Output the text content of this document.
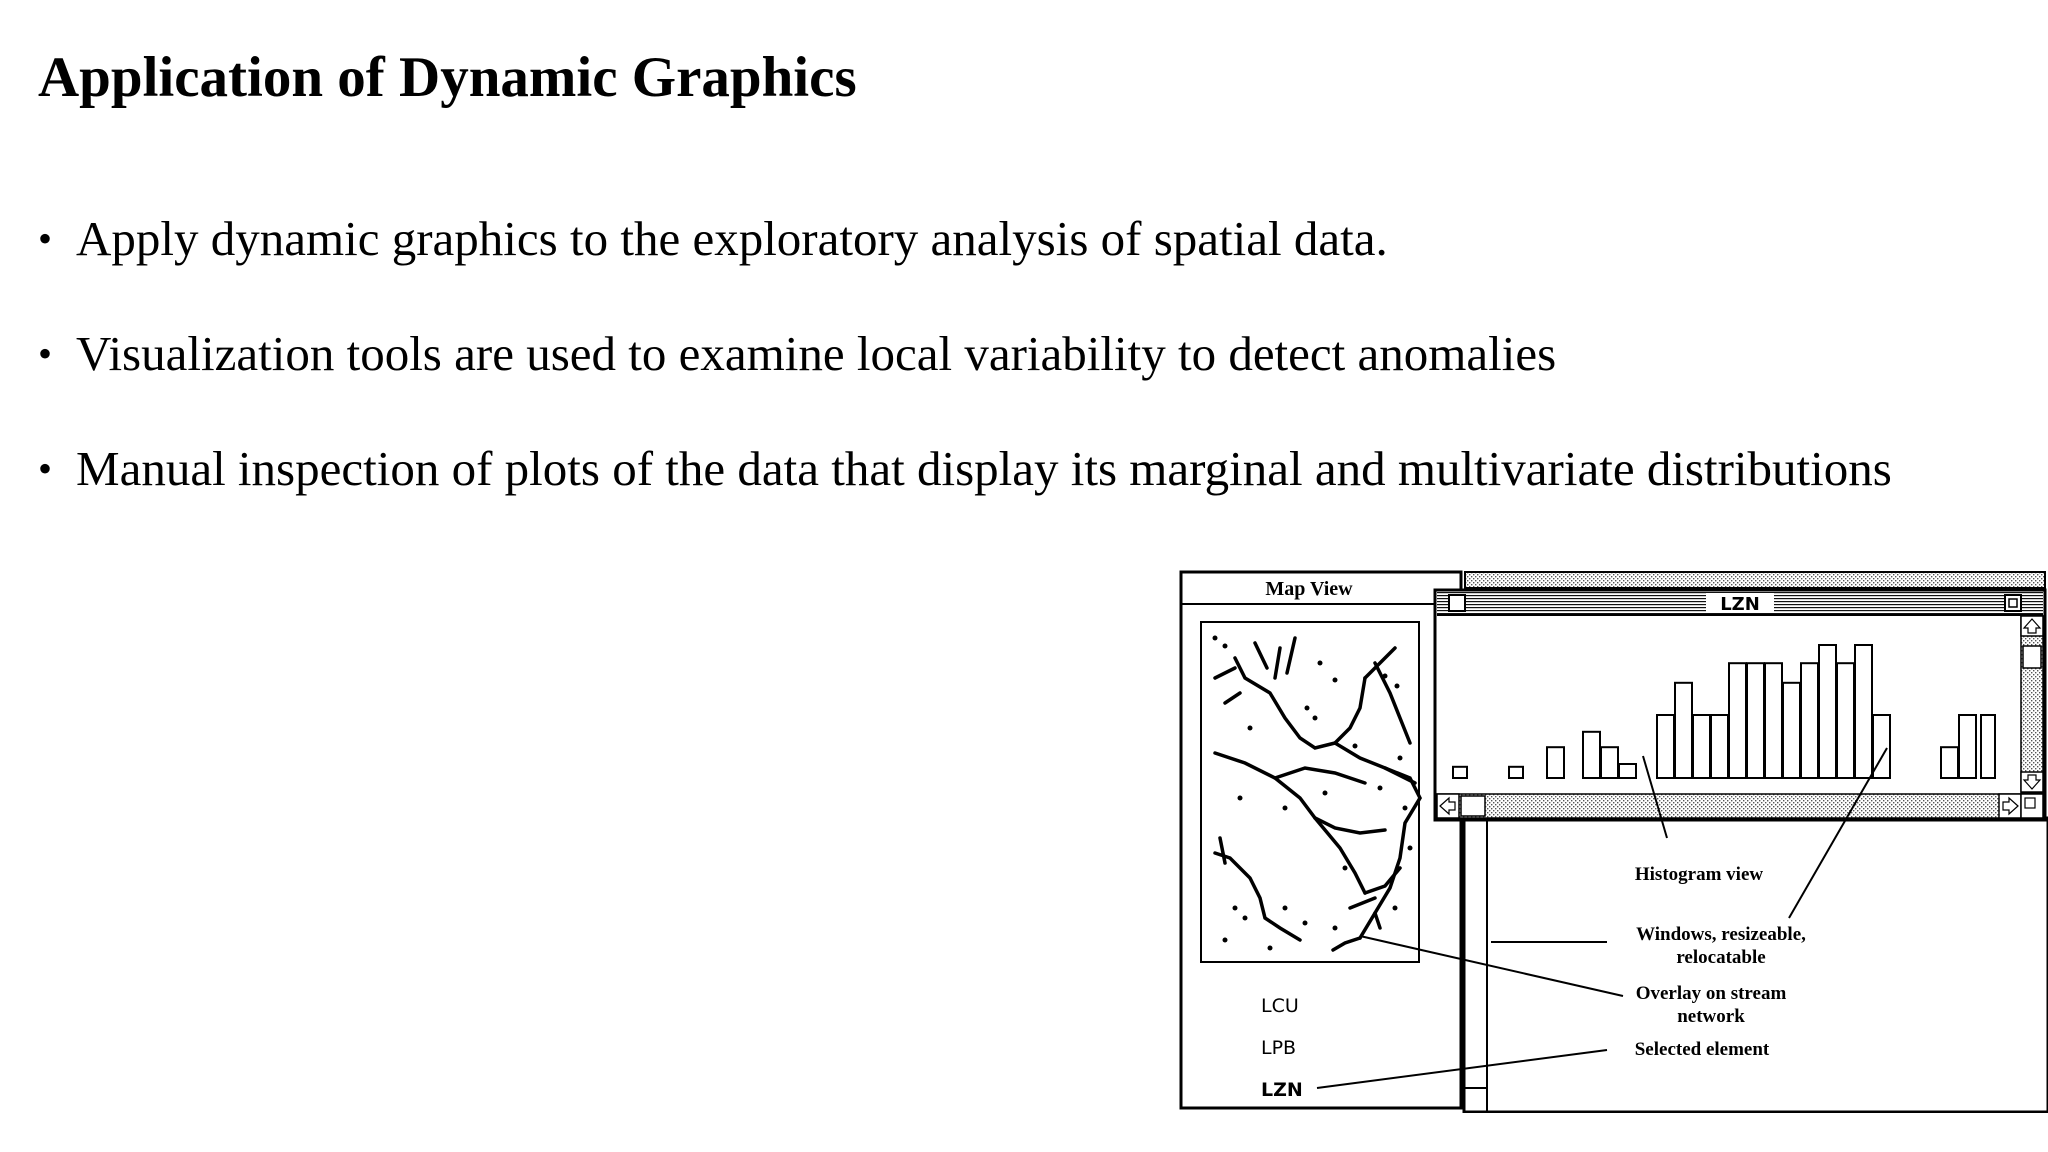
Application of Dynamic Graphics
• Apply dynamic graphics to the exploratory analysis of spatial data.
• Visualization tools are used to examine local variability to detect anomalies
• Manual inspection of plots of the data that display its marginal and multivariate distributions
Map View
LCU
LPB
LZN
LZN
Histogram view
Windows, resizeable,
relocatable
Overlay on stream
network
Selected element
